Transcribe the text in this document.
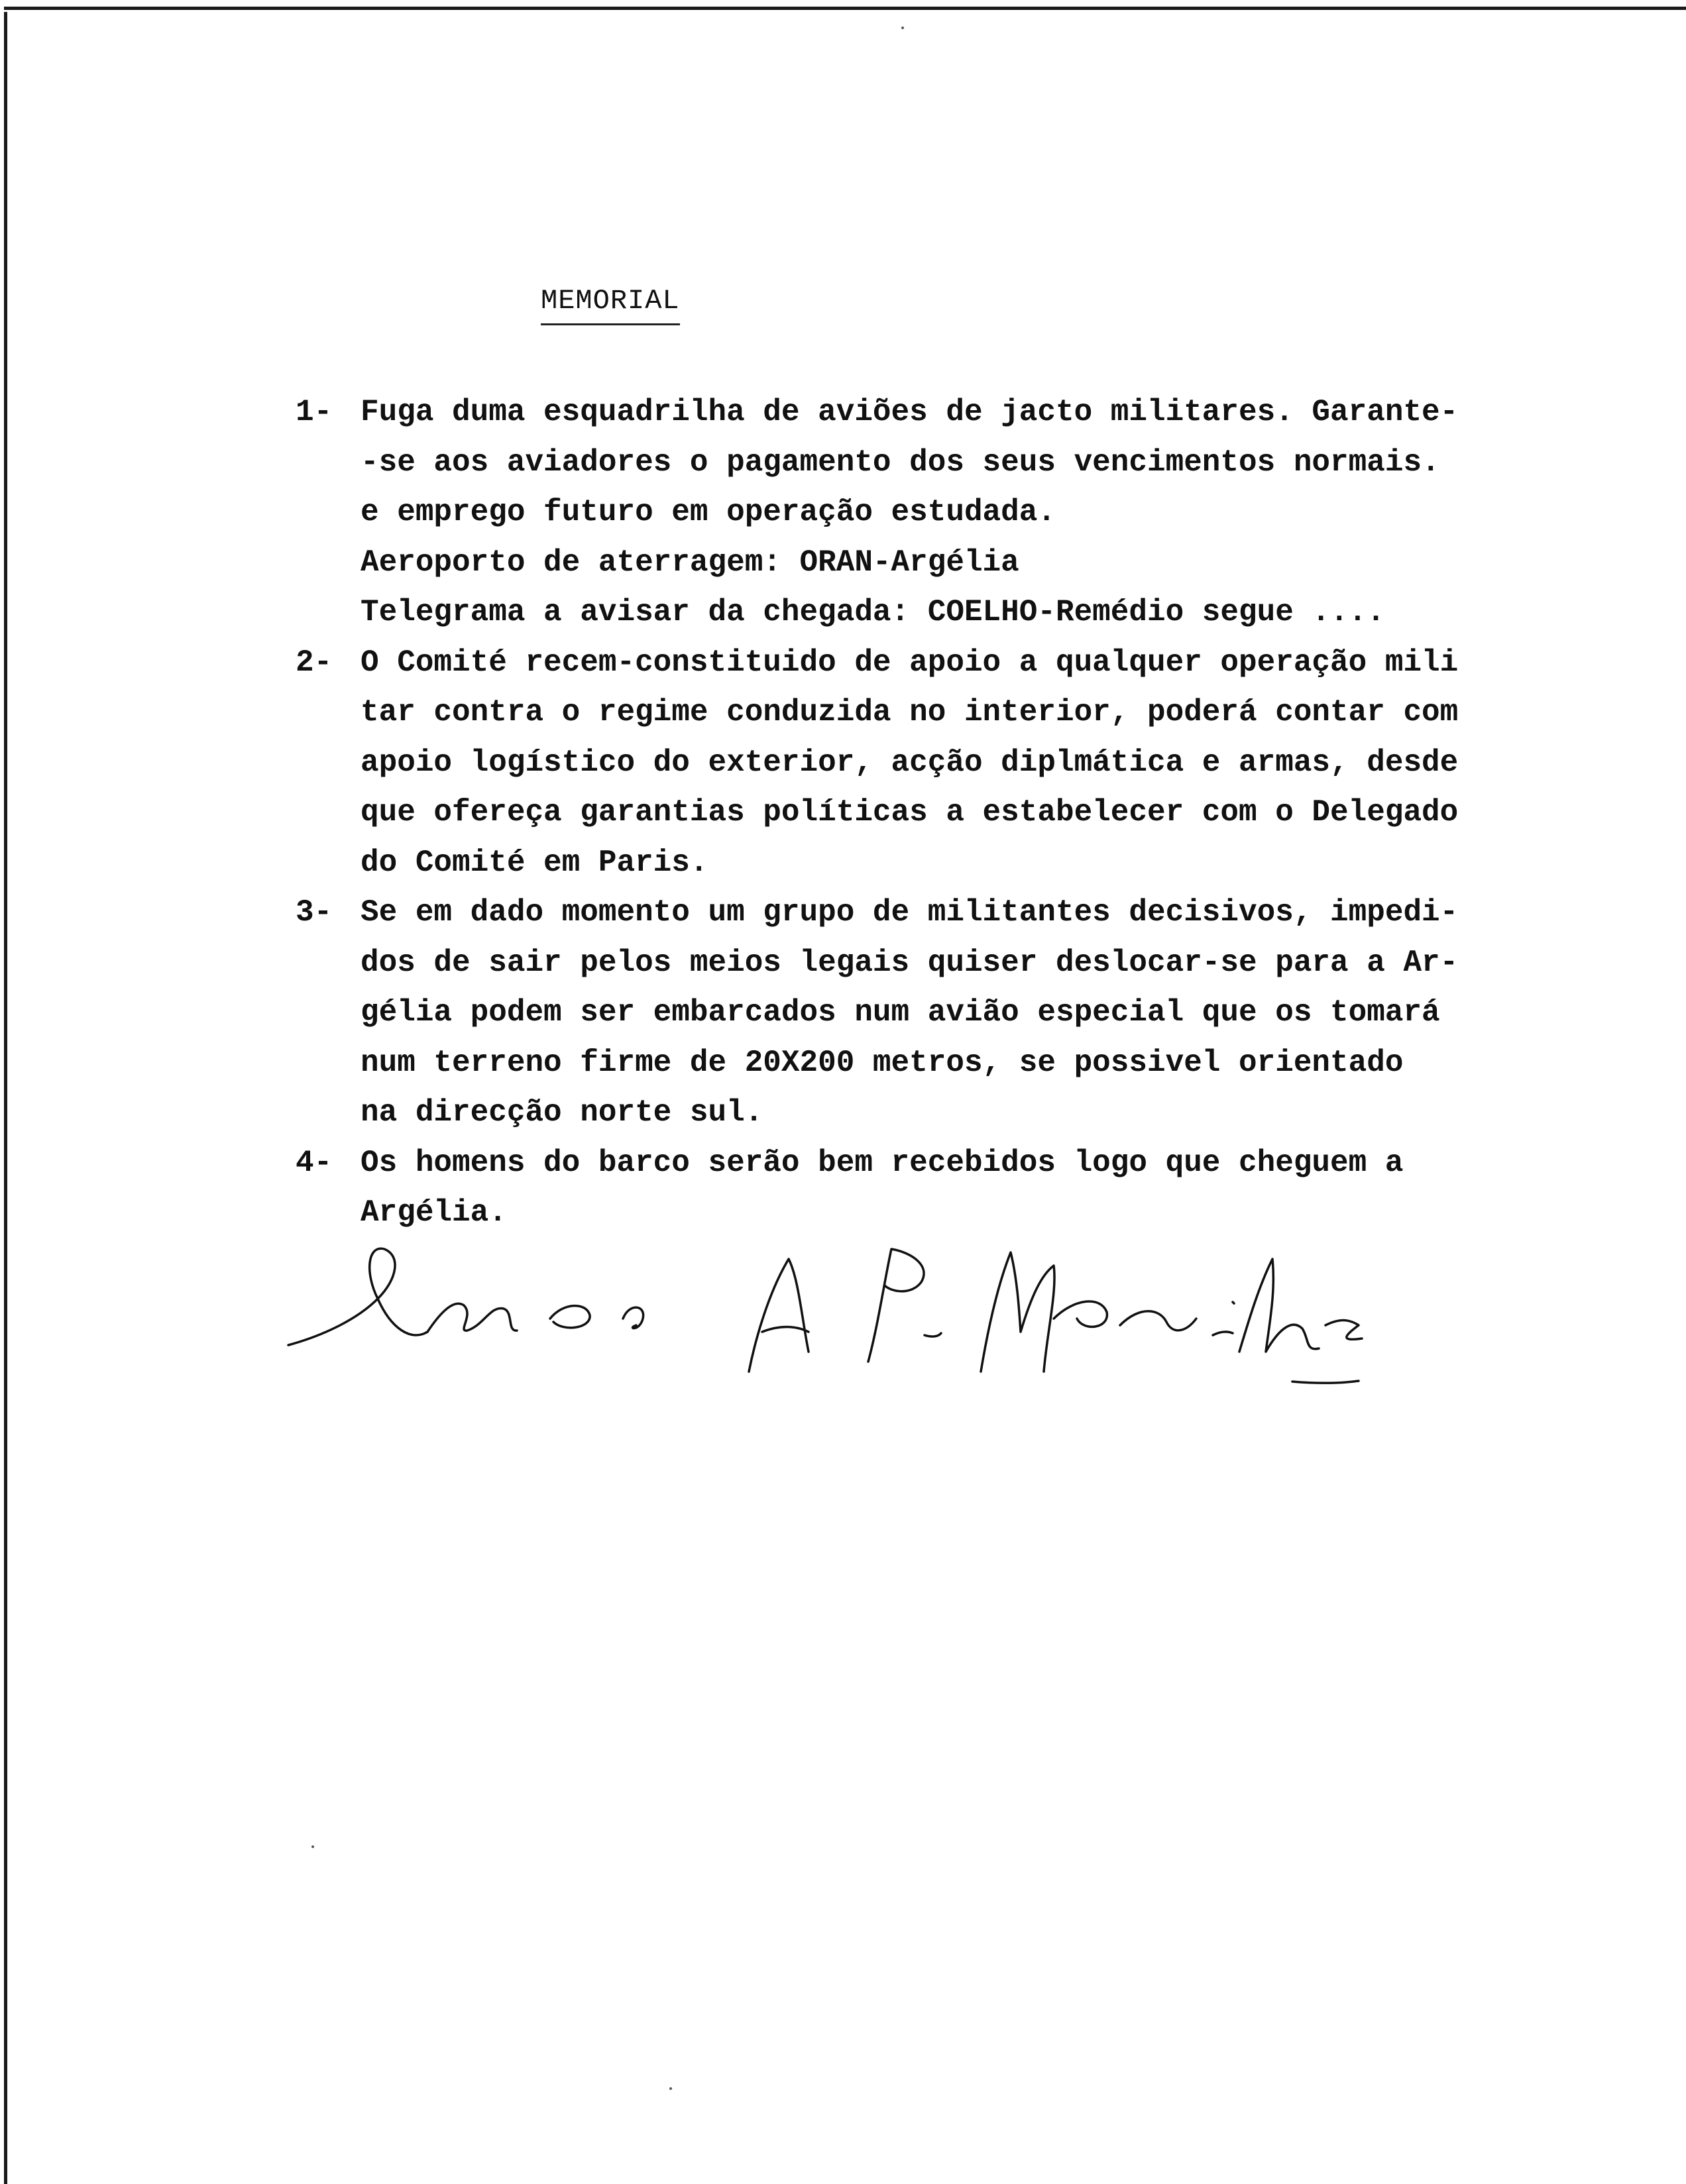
MEMORIAL
1- Fuga duma esquadrilha de aviões de jacto militares. Garante-
-se aos aviadores o pagamento dos seus vencimentos normais.
e emprego futuro em operação estudada.
Aeroporto de aterragem: ORAN-Argélia
Telegrama a avisar da chegada: COELHO-Remédio segue ....
2- O Comité recem-constituido de apoio a qualquer operação mili
tar contra o regime conduzida no interior, poderá contar com
apoio logístico do exterior, acção diplmática e armas, desde
que ofereça garantias políticas a estabelecer com o Delegado
do Comité em Paris.
3- Se em dado momento um grupo de militantes decisivos, impedi-
dos de sair pelos meios legais quiser deslocar-se para a Ar-
gélia podem ser embarcados num avião especial que os tomará
num terreno firme de 20X200 metros, se possivel orientado
na direcção norte sul.
4- Os homens do barco serão bem recebidos logo que cheguem a
Argélia.
